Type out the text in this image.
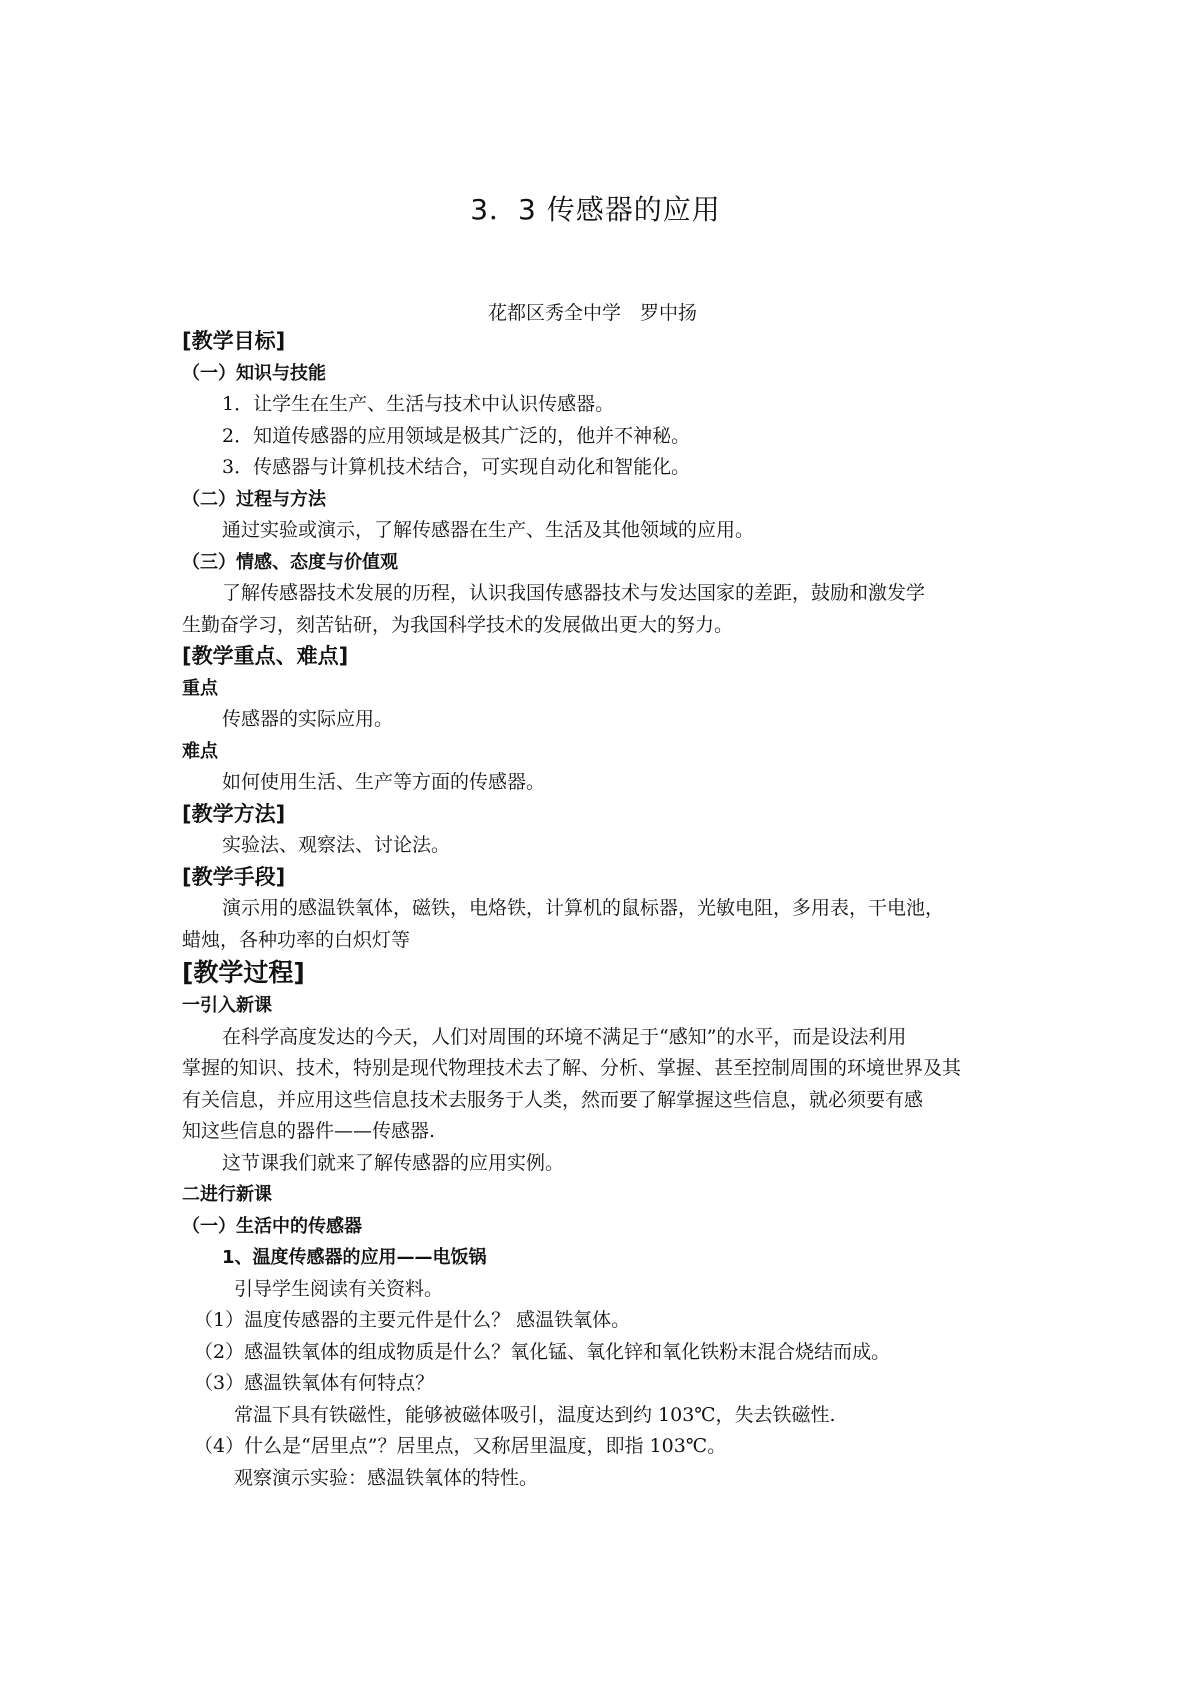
3．3 传感器的应用
花都区秀全中学　罗中扬
[教学目标]
（一）知识与技能
1．让学生在生产、生活与技术中认识传感器。
2．知道传感器的应用领域是极其广泛的，他并不神秘。
3．传感器与计算机技术结合，可实现自动化和智能化。
（二）过程与方法
通过实验或演示，了解传感器在生产、生活及其他领域的应用。
（三）情感、态度与价值观
了解传感器技术发展的历程，认识我国传感器技术与发达国家的差距，鼓励和激发学
生勤奋学习，刻苦钻研，为我国科学技术的发展做出更大的努力。
[教学重点、难点]
重点
传感器的实际应用。
难点
如何使用生活、生产等方面的传感器。
[教学方法]
实验法、观察法、讨论法。
[教学手段]
演示用的感温铁氧体，磁铁，电烙铁，计算机的鼠标器，光敏电阻，多用表，干电池，
蜡烛，各种功率的白炽灯等
[教学过程]
一引入新课
在科学高度发达的今天，人们对周围的环境不满足于“感知”的水平，而是设法利用
掌握的知识、技术，特别是现代物理技术去了解、分析、掌握、甚至控制周围的环境世界及其
有关信息，并应用这些信息技术去服务于人类，然而要了解掌握这些信息，就必须要有感
知这些信息的器件——传感器.
这节课我们就来了解传感器的应用实例。
二进行新课
（一）生活中的传感器
1、温度传感器的应用——电饭锅
引导学生阅读有关资料。
（1）温度传感器的主要元件是什么？ 感温铁氧体。
（2）感温铁氧体的组成物质是什么？氧化锰、氧化锌和氧化铁粉末混合烧结而成。
（3）感温铁氧体有何特点？
常温下具有铁磁性，能够被磁体吸引，温度达到约 103℃，失去铁磁性.
（4）什么是“居里点”？居里点，又称居里温度，即指 103℃。
观察演示实验：感温铁氧体的特性。
